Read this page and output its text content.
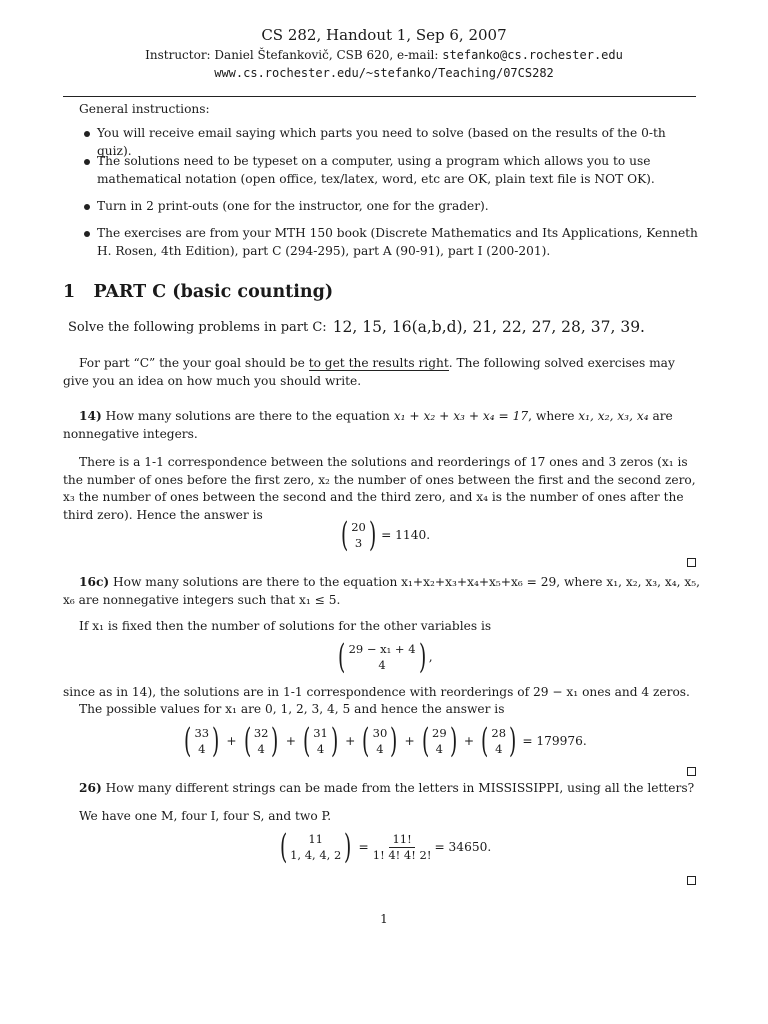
CS 282, Handout 1, Sep 6, 2007
Instructor: Daniel Štefankovič, CSB 620, e-mail: stefanko@cs.rochester.edu
www.cs.rochester.edu/~stefanko/Teaching/07CS282
General instructions:
You will receive email saying which parts you need to solve (based on the results of the 0-th quiz).
The solutions need to be typeset on a computer, using a program which allows you to use mathematical notation (open office, tex/latex, word, etc are OK, plain text file is NOT OK).
Turn in 2 print-outs (one for the instructor, one for the grader).
The exercises are from your MTH 150 book (Discrete Mathematics and Its Applications, Kenneth H. Rosen, 4th Edition), part C (294-295), part A (90-91), part I (200-201).
1 PART C (basic counting)
Solve the following problems in part C: 12, 15, 16(a,b,d), 21, 22, 27, 28, 37, 39.
For part “C” the your goal should be to get the results right. The following solved exercises may give you an idea on how much you should write.
14) How many solutions are there to the equation x₁ + x₂ + x₃ + x₄ = 17, where x₁, x₂, x₃, x₄ are nonnegative integers.
There is a 1-1 correspondence between the solutions and reorderings of 17 ones and 3 zeros (x₁ is the number of ones before the first zero, x₂ the number of ones between the first and the second zero, x₃ the number of ones between the second and the third zero, and x₄ is the number of ones after the third zero). Hence the answer is
( 20
3 ) = 1140.
16c) How many solutions are there to the equation x₁+x₂+x₃+x₄+x₅+x₆ = 29, where x₁, x₂, x₃, x₄, x₅, x₆ are nonnegative integers such that x₁ ≤ 5.
If x₁ is fixed then the number of solutions for the other variables is
( 29 − x₁ + 4
4 ) ,
since as in 14), the solutions are in 1-1 correspondence with reorderings of 29 − x₁ ones and 4 zeros.
The possible values for x₁ are 0, 1, 2, 3, 4, 5 and hence the answer is
( 33
4 ) + ( 32
4 ) + ( 31
4 ) + ( 30
4 ) + ( 29
4 ) + ( 28
4 ) = 179976.
26) How many different strings can be made from the letters in MISSISSIPPI, using all the letters?
We have one M, four I, four S, and two P.
( 11
1, 4, 4, 2 ) = $\frac{11!}{1! 4! 4! 2!} = 34650$.
1
